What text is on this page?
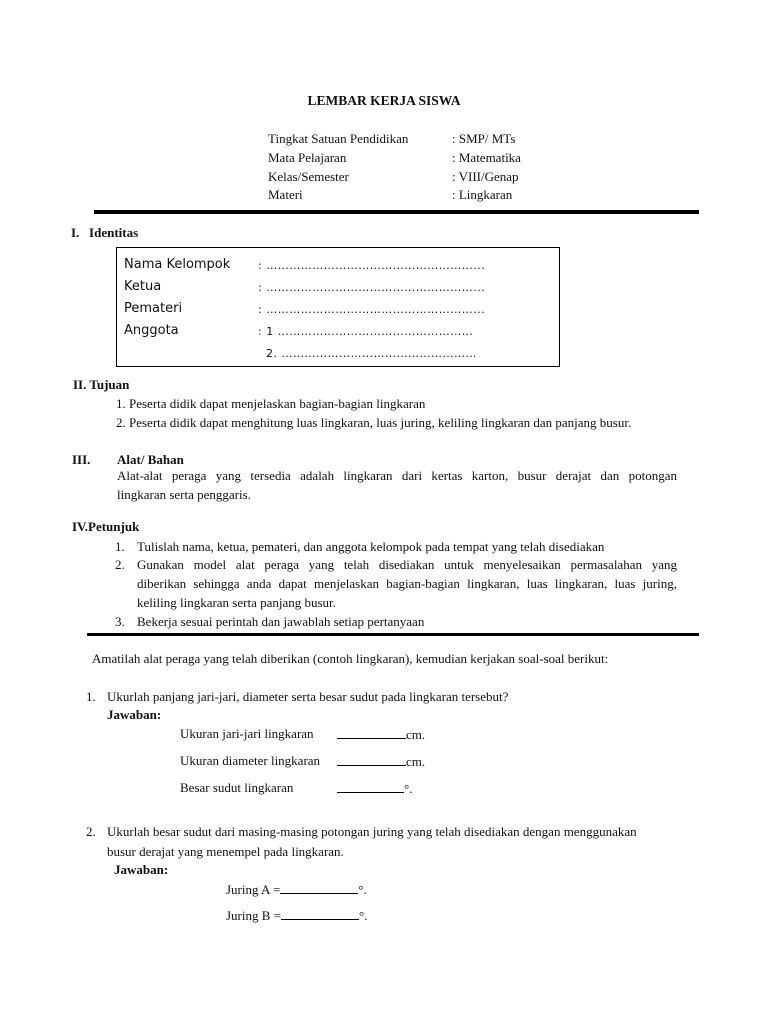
LEMBAR KERJA SISWA
Tingkat Satuan Pendidikan	: SMP/ MTs
Mata Pelajaran	: Matematika
Kelas/Semester	: VIII/Genap
Materi	: Lingkaran
I.   Identitas
Nama Kelompok	: ………………………………………………...
Ketua	: ………………………………………………...
Pemateri	: ………………………………………………...
Anggota	: 1 ……………………………………………
2. ……………………………………………
II. Tujuan
1. Peserta didik dapat menjelaskan bagian-bagian lingkaran
2. Peserta didik dapat menghitung luas lingkaran, luas juring, keliling lingkaran dan panjang busur.
III. Alat/ Bahan
Alat-alat peraga yang tersedia adalah lingkaran dari kertas karton, busur derajat dan potongan
lingkaran serta penggaris.
IV.Petunjuk
1. Tulislah nama, ketua, pemateri, dan anggota kelompok pada tempat yang telah disediakan
2. Gunakan model alat peraga yang telah disediakan untuk menyelesaikan permasalahan yang
diberikan sehingga anda dapat menjelaskan bagian-bagian lingkaran, luas lingkaran, luas juring,
keliling lingkaran serta panjang busur.
3. Bekerja sesuai perintah dan jawablah setiap pertanyaan
Amatilah alat peraga yang telah diberikan (contoh lingkaran), kemudian kerjakan soal-soal berikut:
1. Ukurlah panjang jari-jari, diameter serta besar sudut pada lingkaran tersebut?
Jawaban:
Ukuran jari-jari lingkaran	cm.
Ukuran diameter lingkaran	cm.
Besar sudut lingkaran	°.
2. Ukurlah besar sudut dari masing-masing potongan juring yang telah disediakan dengan menggunakan
busur derajat yang menempel pada lingkaran.
Jawaban:
Juring A =	°.
Juring B =	°.
